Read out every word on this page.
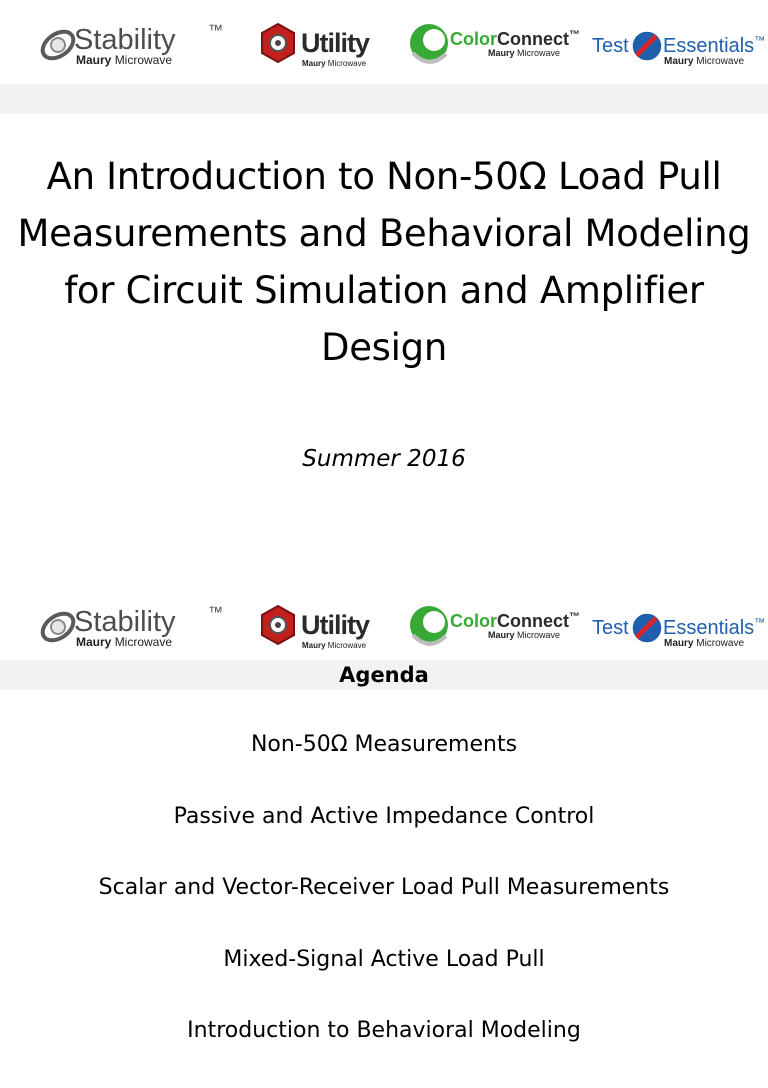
Stability ™
Maury Microwave
Utility
Maury Microwave
ColorConnect™
Maury Microwave Test Essentials™
Maury Microwave
An Introduction to Non-50Ω Load Pull Measurements and Behavioral Modeling for Circuit Simulation and Amplifier Design
Summer 2016
Stability ™
Maury Microwave
Utility
Maury Microwave
ColorConnect™
Maury Microwave Test Essentials™
Maury Microwave
Agenda
Non-50Ω Measurements
Passive and Active Impedance Control
Scalar and Vector-Receiver Load Pull Measurements
Mixed-Signal Active Load Pull
Introduction to Behavioral Modeling
